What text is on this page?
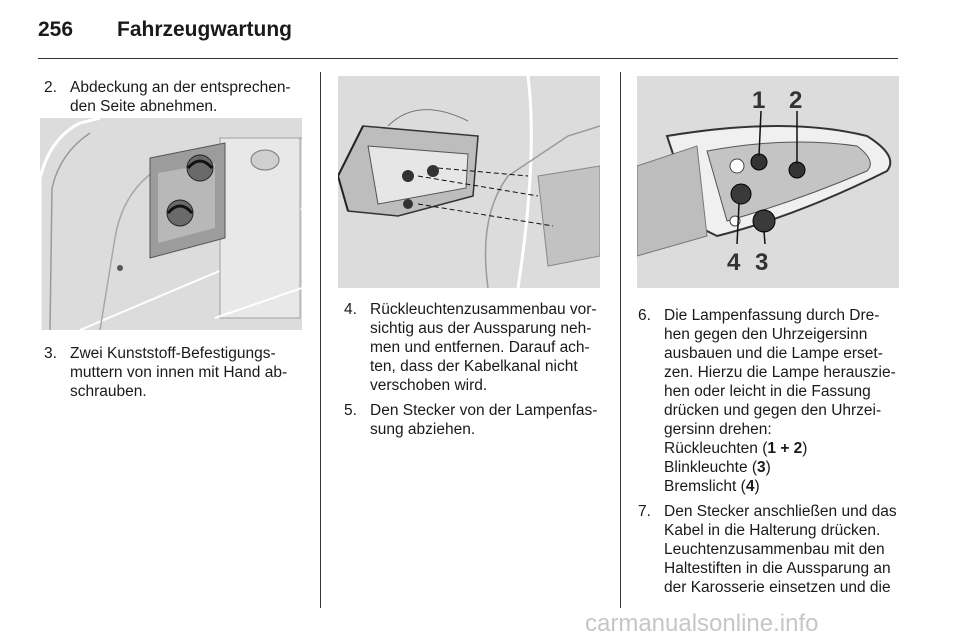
256 Fahrzeugwartung
2. Abdeckung an der entsprechen-

den Seite abnehmen.

3. Zwei Kunststoff-Befestigungs-

muttern von innen mit Hand ab-

schrauben.

4. Rückleuchtenzusammenbau vor-

sichtig aus der Aussparung neh-

men und entfernen. Darauf ach-

ten, dass der Kabelkanal nicht

verschoben wird.

5. Den Stecker von der Lampenfas-

sung abziehen.

1 2
4 3
6. Die Lampenfassung durch Dre-

hen gegen den Uhrzeigersinn

ausbauen und die Lampe erset-

zen. Hierzu die Lampe herauszie-

hen oder leicht in die Fassung

drücken und gegen den Uhrzei-

gersinn drehen:

Rückleuchten (1 + 2)

Blinkleuchte (3)

Bremslicht (4)

7. Den Stecker anschließen und das

Kabel in die Halterung drücken.

Leuchtenzusammenbau mit den

Haltestiften in die Aussparung an

der Karosserie einsetzen und die

carmanualsonline.info
